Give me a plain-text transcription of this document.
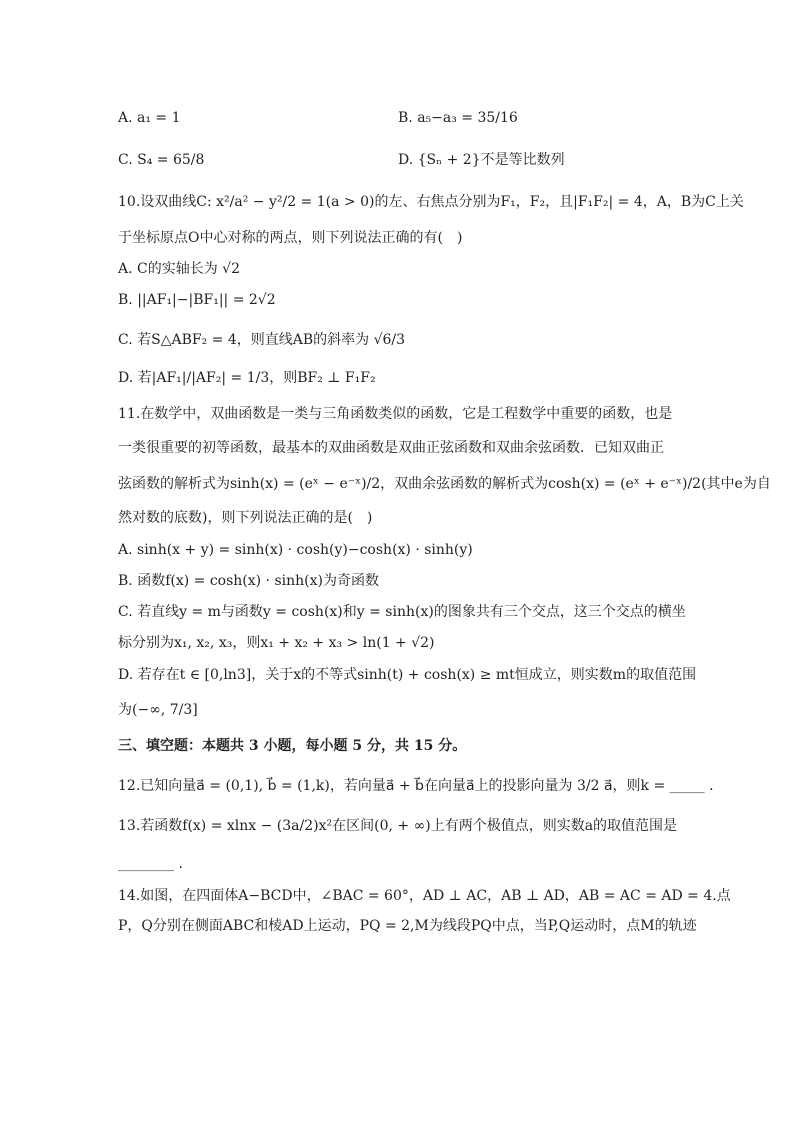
A. a₁ = 1	B. a₅−a₃ = 35/16
C. S₄ = 65/8	D. {Sₙ + 2}不是等比数列
10.设双曲线C: x²/a² − y²/2 = 1(a > 0)的左、右焦点分别为F₁，F₂，且|F₁F₂| = 4，A，B为C上关
于坐标原点O中心对称的两点，则下列说法正确的有(　)
A. C的实轴长为 √2
B. ||AF₁|−|BF₁|| = 2√2
C. 若S△ABF₂ = 4，则直线AB的斜率为 √6/3
D. 若|AF₁|/|AF₂| = 1/3，则BF₂ ⊥ F₁F₂
11.在数学中，双曲函数是一类与三角函数类似的函数，它是工程数学中重要的函数，也是
一类很重要的初等函数，最基本的双曲函数是双曲正弦函数和双曲余弦函数．已知双曲正
弦函数的解析式为sinh(x) = (eˣ − e⁻ˣ)/2，双曲余弦函数的解析式为cosh(x) = (eˣ + e⁻ˣ)/2(其中e为自
然对数的底数)，则下列说法正确的是(　)
A. sinh(x + y) = sinh(x) · cosh(y)−cosh(x) · sinh(y)
B. 函数f(x) = cosh(x) · sinh(x)为奇函数
C. 若直线y = m与函数y = cosh(x)和y = sinh(x)的图象共有三个交点，这三个交点的横坐
标分别为x₁, x₂, x₃，则x₁ + x₂ + x₃ > ln(1 + √2)
D. 若存在t ∈ [0,ln3]，关于x的不等式sinh(t) + cosh(x) ≥ mt恒成立，则实数m的取值范围
为(−∞, 7/3]
三、填空题：本题共 3 小题，每小题 5 分，共 15 分。
12.已知向量a⃗ = (0,1), b⃗ = (1,k)，若向量a⃗ + b⃗在向量a⃗上的投影向量为 3/2 a⃗，则k = _____ .
13.若函数f(x) = xlnx − (3a/2)x²在区间(0, + ∞)上有两个极值点，则实数a的取值范围是
________ .
14.如图，在四面体A−BCD中，∠BAC = 60°，AD ⊥ AC，AB ⊥ AD，AB = AC = AD = 4.点
P，Q分别在侧面ABC和棱AD上运动，PQ = 2,M为线段PQ中点，当P,Q运动时，点M的轨迹
